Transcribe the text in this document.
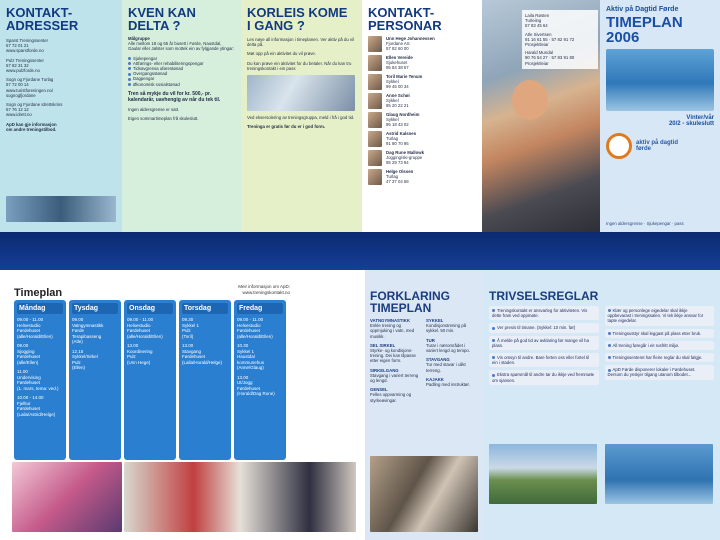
KONTAKT-
ADRESSER
Sparst Treningssenter
57 72 01 21
www.sparstforde.no
Pulz Treningssenter
57 82 31 32
www.pulzforde.no
Sogn og Fjordane Turlag
57 72 00 14
www.turistforeningen.no/
sognogfjordane
Sogn og Fjordane Idrettskrins
57 76 12 12
www.idrett.no
ApD kan gje informasjon
om andre treningstilbod.
KVEN KAN
DELTA ?
Målgruppe
Alle mellom 18 og 65 år busett i Førde, Naustdal, Gaular eller Jølster som mottek ein av fylgjande ytingar:
Sjukepengar
Attførings- eller rehabiliteringspengar
Tidsavgrensa uførestønad
Overgangsstønad
Dagpengar
Økonomisk sosialstønad
Tren så mykje du vil for kr. 500,- pr. kalendarår, uavhengig av når du tek til.
Ingen aldersgrense er satt.
Eigen sommartimeplan frå skuleslutt.
KORLEIS KOME
I GANG ?
Les nøye all informasjon i timeplanen. Ver aktiv på du vil delta på.
Møt opp på ein aktivitet du vil prøve.
Du kan prøve ein aktivitet for du betaler. Når du kan tru treningskontakt i ein pass
Ved eksersolering av treningsgruppa, meld i frå i god tid.
Treninga er gratis før du er i god form.
KONTAKT-
PERSONAR
Unn Hege Johannessen
Fjordane AS
57 82 60 00
Ellen Vereide
Sjukehuset
95 84 38 67
Toril Marie Tenum
Sykkel
99 45 00 34
Anne Schøi
Sykkel
95 20 22 21
Glaug Nordheim
Sykkel
95 18 43 02
Astrid Kalsnes
Turlag
91 80 70 95
Dag Rune Mallowk
Jogging/ski-gruppe
95 29 73 94
Helge Olssen
Turlag
47 37 04 58
Laila Røsten
Turleiing
57 83 45 64
Atle Sivertsen
91 16 61 55 · 57 82 91 72
Prosjektleiar
Harald Mundal
90 76 54 27 · 57 83 91 80
Prosjektleiar
Aktiv på Dagtid Førde
TIMEPLAN
2006
Vinter/vår
20/2 - skuleslutt
aktiv på dagtid
førde
Ingen aldersgrense · Sjukepengar · pass
Timeplan
Meir informasjon om ApD:
www.treningskontakt.no
Måndag
09.00 - 11.00
Helsestudio
Førdehuset
(alle/Horald/Ellen)
09.00
Sjogging
Førdehuset
(alle/Ellen)
11.00
Undervising
Førdehuset
(1. mars, tema: ved.)
10.00 - 14.00
Fjelltur
Førdehuset
(Laila/Astrid/Helge)
Tysdag
09.00
Vatngymnastikk
Førde
Terapibasseng
(Atle)
12.15
Sykkel/Sirkel
Pulz
(Ellen)
Onsdag
09.00 - 11.00
Helsestudio
Førdehuset
(alle/Horald/Ellen)
13.00
Koordinering
Pulz
(Unn Hege)
Torsdag
09.30
Sykkel 1
Pulz
(Toril)
13.00
Stavgang
Førdehuset
(Laila/Horald/Helge)
Fredag
09.00 - 11.00
Helsestudio
Førdehuset
(alle/Horald/Ellen)
10.30
Sykkel 1
Haustdal
kommunehus
(Anne/Glaug)
13.00
Ut/Jogg
Førdehuset
(Horald/Dag Rune)
FORKLARING
TIMEPLAN
VATNGYMNASTIKK
Enkle trening og oppmjuking i vatn, med musikk.
SEL SIRKEL
Styrke- og kondisjons-trening. Dei kan tilpasse etter eigen form.
SIRKELGANG
Stavgang i variert terreng og lengd.
GENSEL
Felles oppvarming og styrkeøvingar.
SYKKEL
Kondisjonstrening på sykkel. 50 min.
TUR
Turar i nærområdet i variert lengd og tempo.
STAVGANG
Tur med stavar i ulikt terreng.
KAJAKK
Padling med instruktør.
TRIVSELSREGLAR
Treningskontakt er ansvarleg for aktiviteten. Vis dette fram ved oppmøte.
Ver presis til timane. (Sykkel: 10 min. før)
Å melde på god tid av avklaring før mange vil ha plass.
Vis omsyn til andre. Bare ferten oss eller fortel til ein i staden.
Ekstra spørsmål til andre tar du ikkje ved fremmøte om sjansen.
Klær og personlege eigedelar skal ikkje oppbevarast i treningssalen. Vi tek ikkje ansvar for tapte eigedelar.
Treningsutstyr skal leggast på plass etter bruk.
All trening føregår i eit rusfritt miljø.
Treningssenteret har fleire reglar du skal følgje.
ApD Førde disponerer lokaler i Førdehuset. Dersom du ynskjer tilgang utanom tilbodet...
